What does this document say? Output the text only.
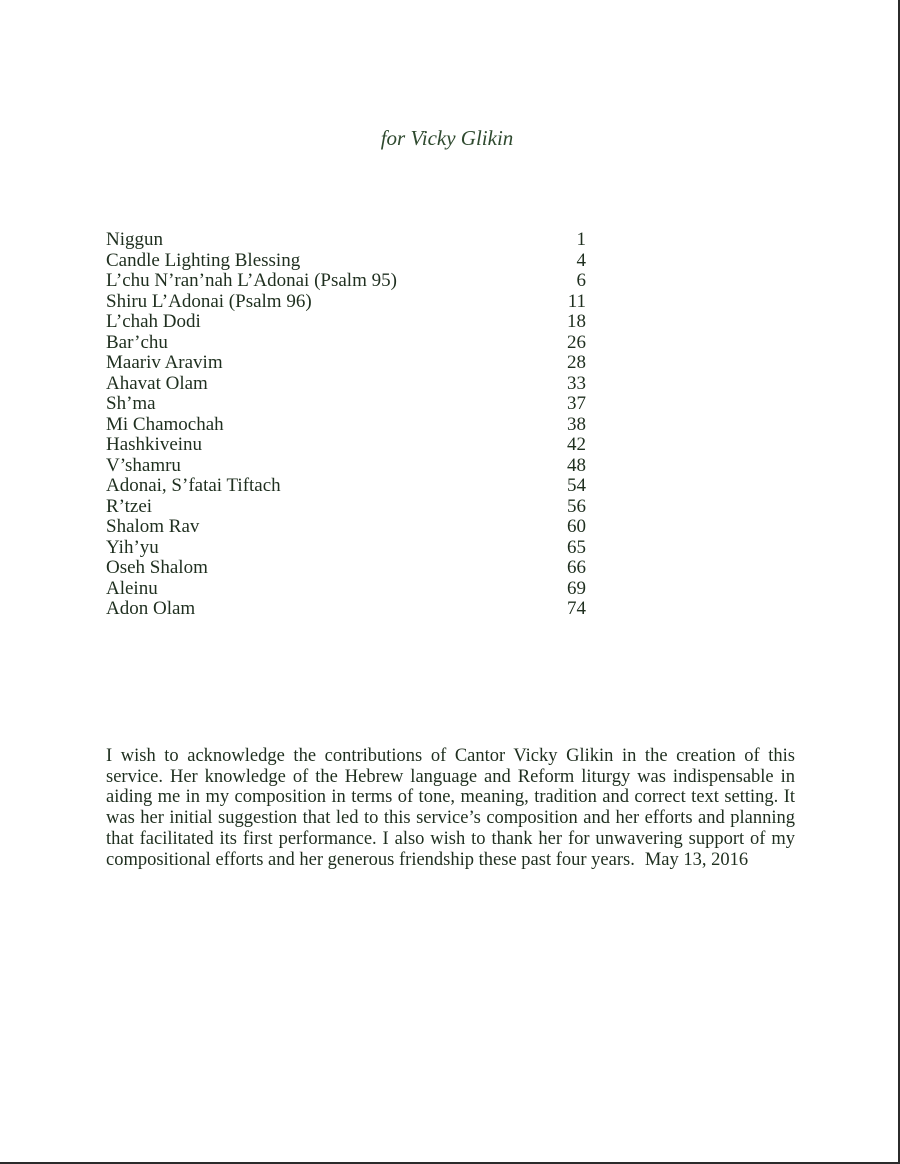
for Vicky Glikin
Niggun	1
Candle Lighting Blessing	4
L’chu N’ran’nah L’Adonai (Psalm 95)	6
Shiru L’Adonai (Psalm 96)	11
L’chah Dodi	18
Bar’chu	26
Maariv Aravim	28
Ahavat Olam	33
Sh’ma	37
Mi Chamochah	38
Hashkiveinu	42
V’shamru	48
Adonai, S’fatai Tiftach	54
R’tzei	56
Shalom Rav	60
Yih’yu	65
Oseh Shalom	66
Aleinu	69
Adon Olam	74

I wish to acknowledge the contributions of Cantor Vicky Glikin in the creation of this service. Her knowledge of the Hebrew language and Reform liturgy was indispensable in aiding me in my composition in terms of tone, meaning, tradition and correct text setting. It was her initial suggestion that led to this service’s composition and her efforts and planning that facilitated its first performance. I also wish to thank her for unwavering support of my compositional efforts and her generous friendship these past four years. May 13, 2016
